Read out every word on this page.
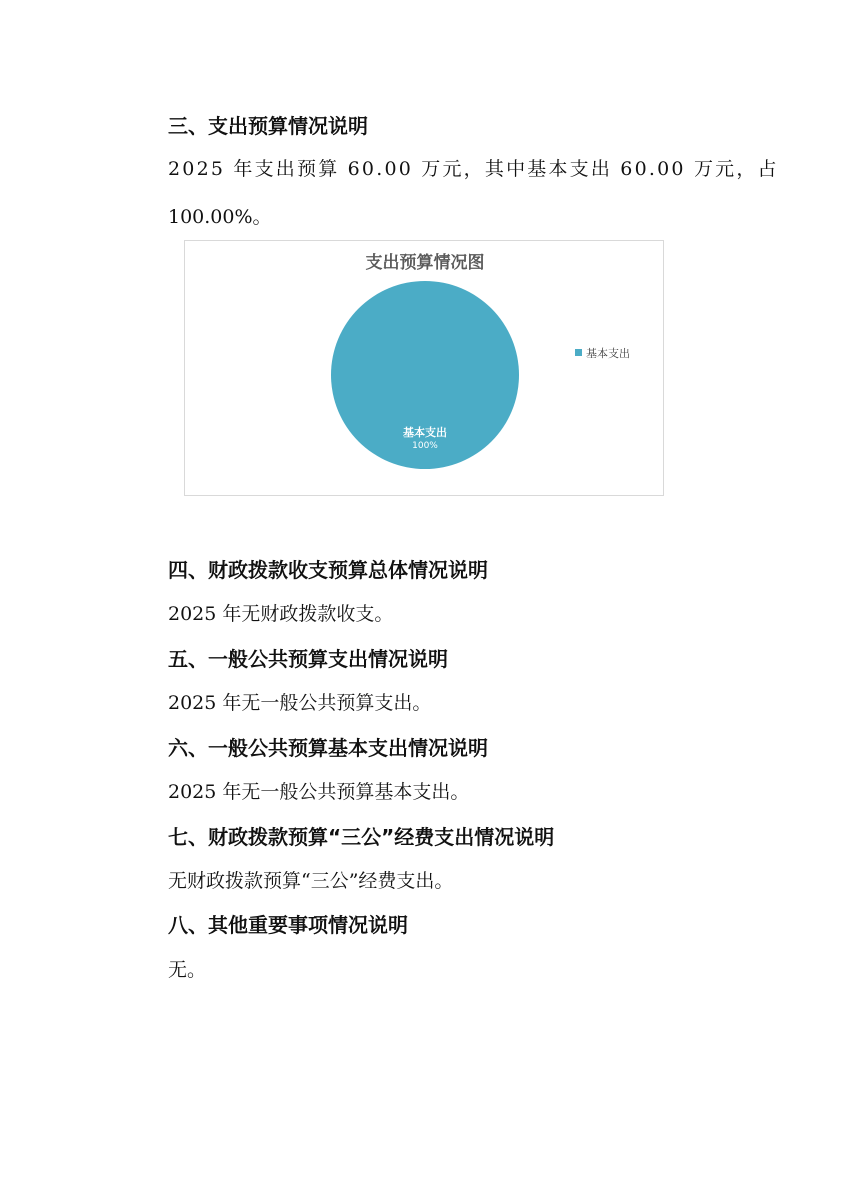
三、支出预算情况说明
2025 年支出预算 60.00 万元，其中基本支出 60.00 万元，占
100.00%。
支出预算情况图
基本支出
100%
基本支出
四、财政拨款收支预算总体情况说明
2025 年无财政拨款收支。
五、一般公共预算支出情况说明
2025 年无一般公共预算支出。
六、一般公共预算基本支出情况说明
2025 年无一般公共预算基本支出。
七、财政拨款预算“三公”经费支出情况说明
无财政拨款预算“三公”经费支出。
八、其他重要事项情况说明
无。
